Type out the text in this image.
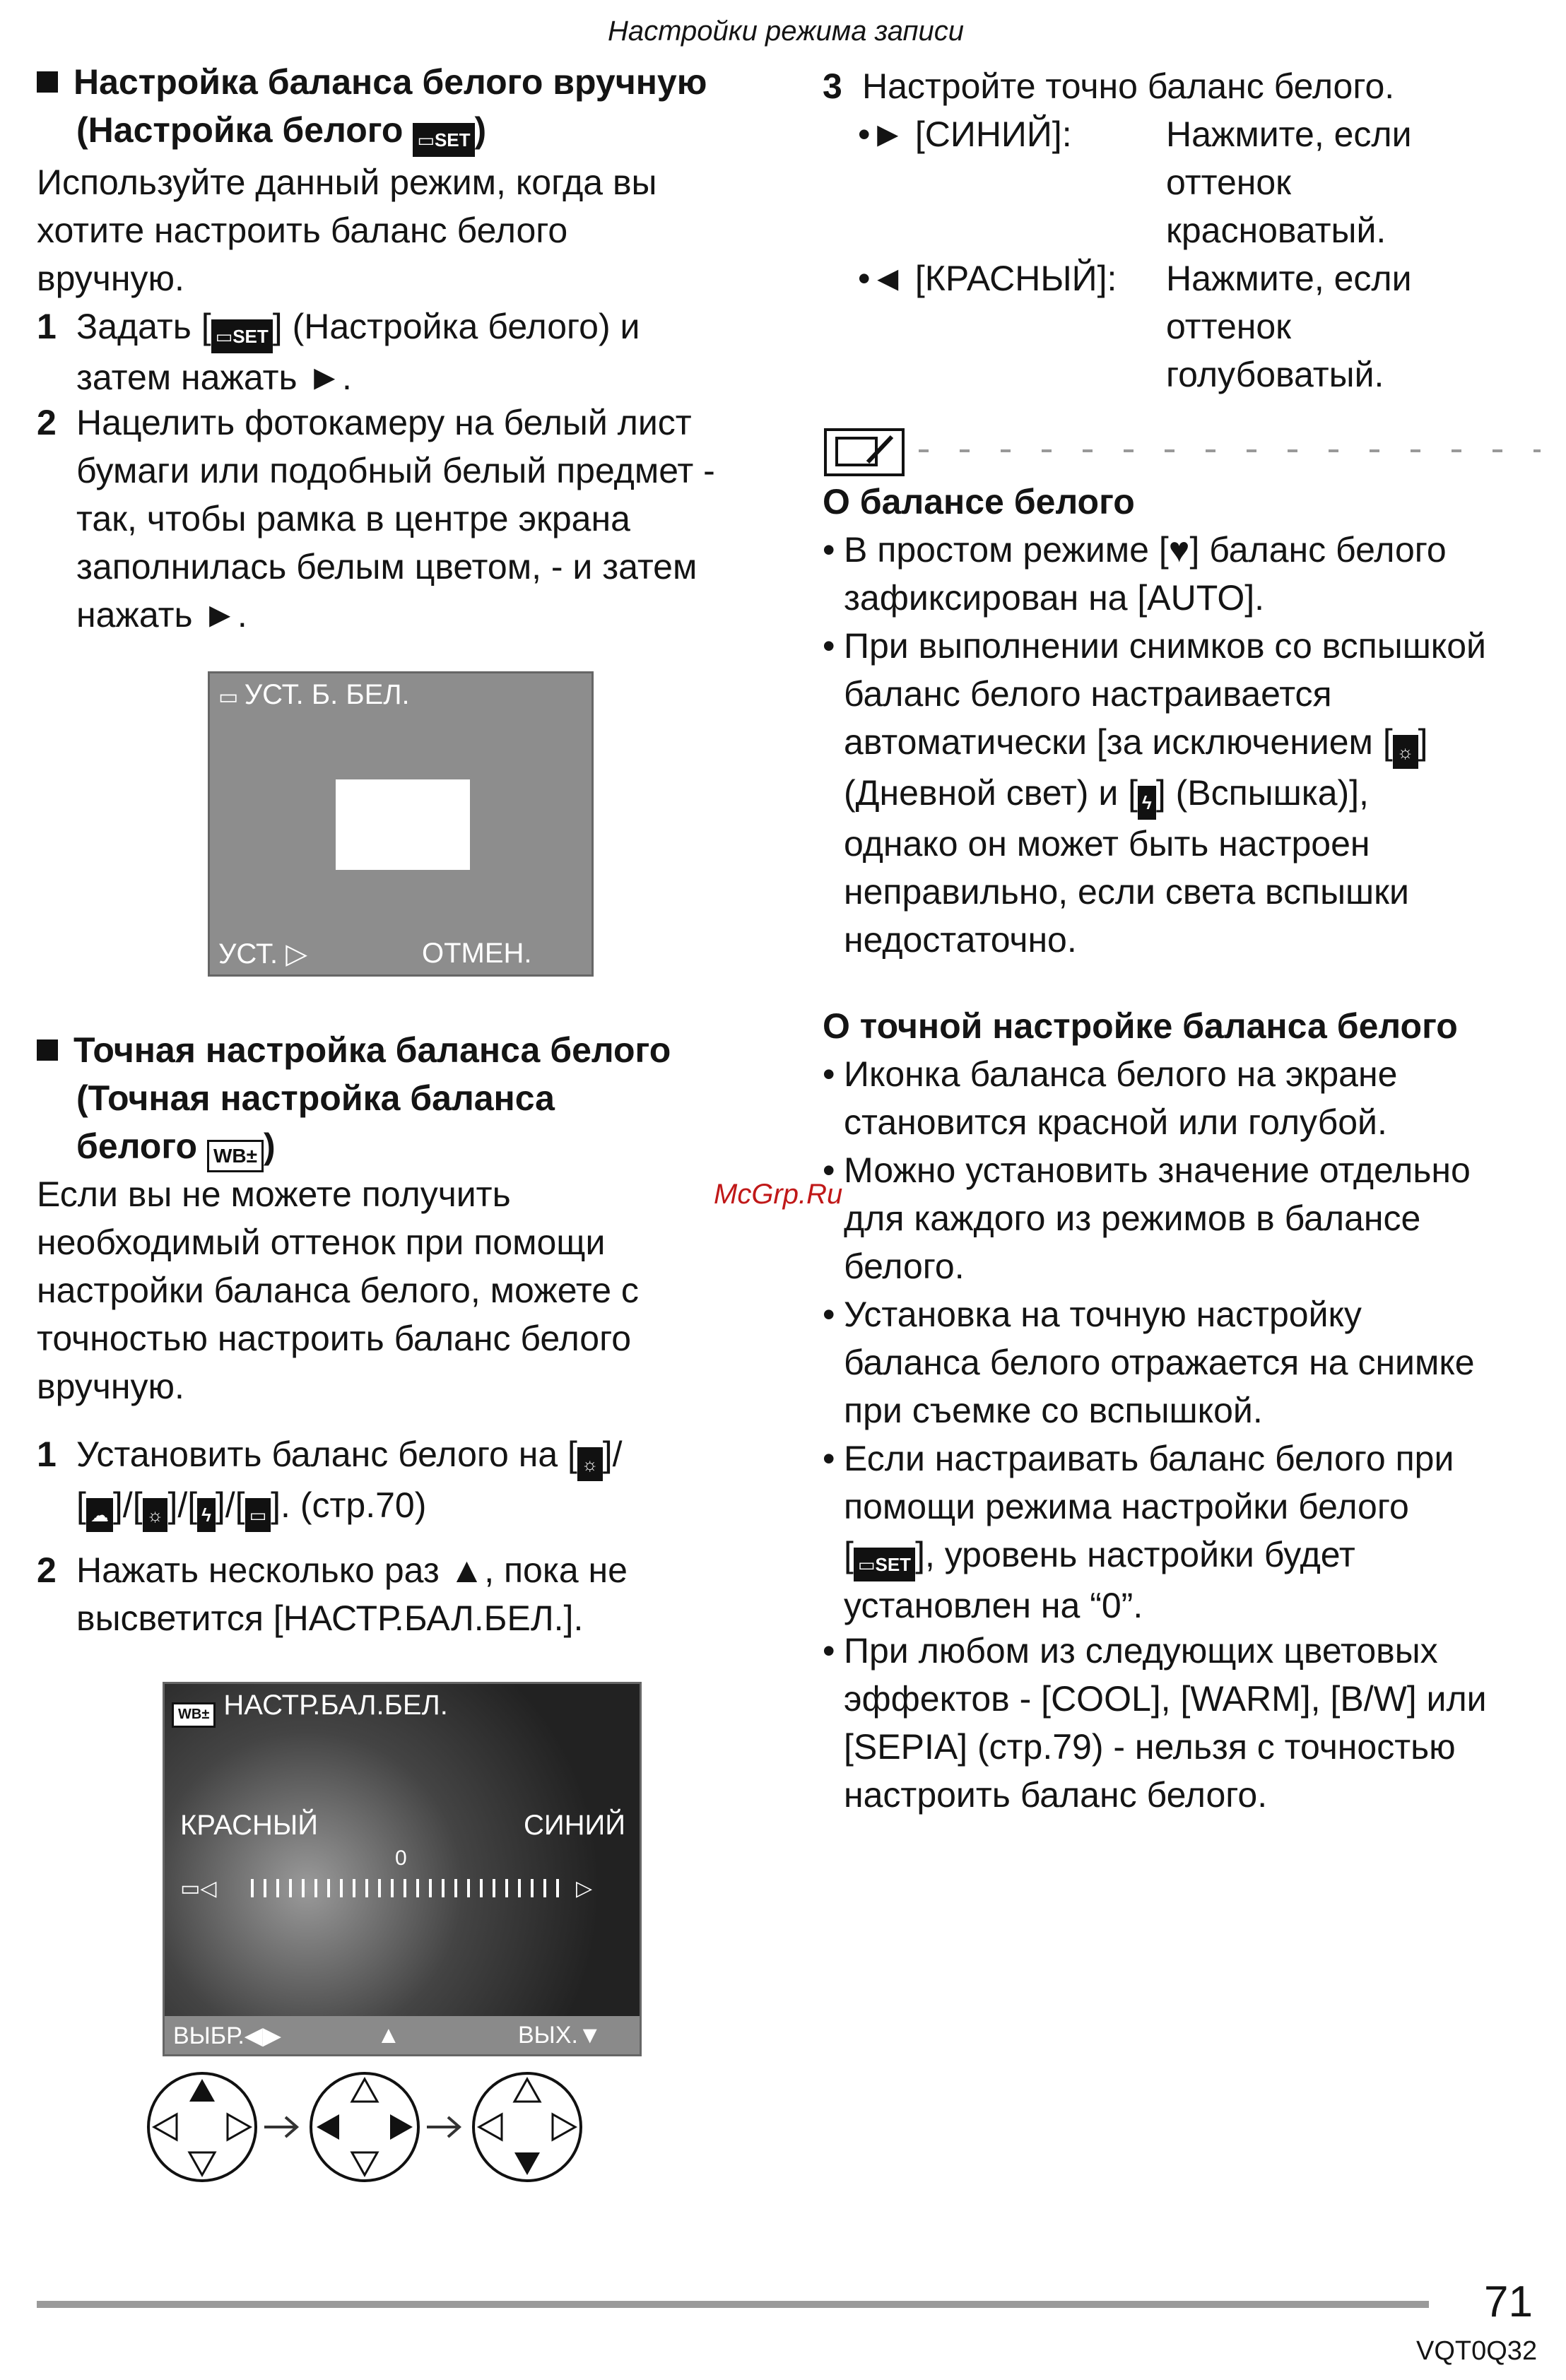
Настройки режима записи
Настройка баланса белого вручную
(Настройка белого ▭ SET )
Используйте данный режим, когда вы
хотите настроить баланс белого
вручную.
1 Задать [ ▭ SET ] (Настройка белого) и
затем нажать ►.
2 Нацелить фотокамеру на белый лист
бумаги или подобный белый предмет -
так, чтобы рамка в центре экрана
заполнилась белым цветом, - и затем
нажать ►.
▭ УСТ. Б. БЕЛ.
УСТ. ▷	ОТМЕН.
Точная настройка баланса белого
(Точная настройка баланса
белого WB± )
Если вы не можете получить
необходимый оттенок при помощи
настройки баланса белого, можете с
точностью настроить баланс белого
вручную.
1 Установить баланс белого на [ ☼ ]/
[ ☁ ]/[ ☼ ]/[ ϟ ]/[ ▭ ]. (стр.70)
2 Нажать несколько раз ▲, пока не
высветится [НАСТР.БАЛ.БЕЛ.].
WB± НАСТР.БАЛ.БЕЛ.
КРАСНЫЙ	СИНИЙ
0
▭◁	▷
ВЫБР.◀▶	▲	ВЫХ.▼
3 Настройте точно баланс белого.
•► [СИНИЙ]:	Нажмите, если
оттенок
красноватый.
•◄ [КРАСНЫЙ]: Нажмите, если
оттенок
голубоватый.
О балансе белого
• В простом режиме [♥] баланс белого
зафиксирован на [AUTO].
• При выполнении снимков со вспышкой
баланс белого настраивается
автоматически [за исключением [ ☼ ]
(Дневной свет) и [ ϟ ] (Вспышка)],
однако он может быть настроен
неправильно, если света вспышки
недостаточно.
О точной настройке баланса белого
• Иконка баланса белого на экране
становится красной или голубой.
• Можно установить значение отдельно
для каждого из режимов в балансе
белого.
• Установка на точную настройку
баланса белого отражается на снимке
при съемке со вспышкой.
• Если настраивать баланс белого при
помощи режима настройки белого
[ ▭ SET ], уровень настройки будет
установлен на “0”.
• При любом из следующих цветовых
эффектов - [COOL], [WARM], [B/W] или
[SEPIA] (стр.79) - нельзя с точностью
настроить баланс белого.
McGrp.Ru
71
VQT0Q32
